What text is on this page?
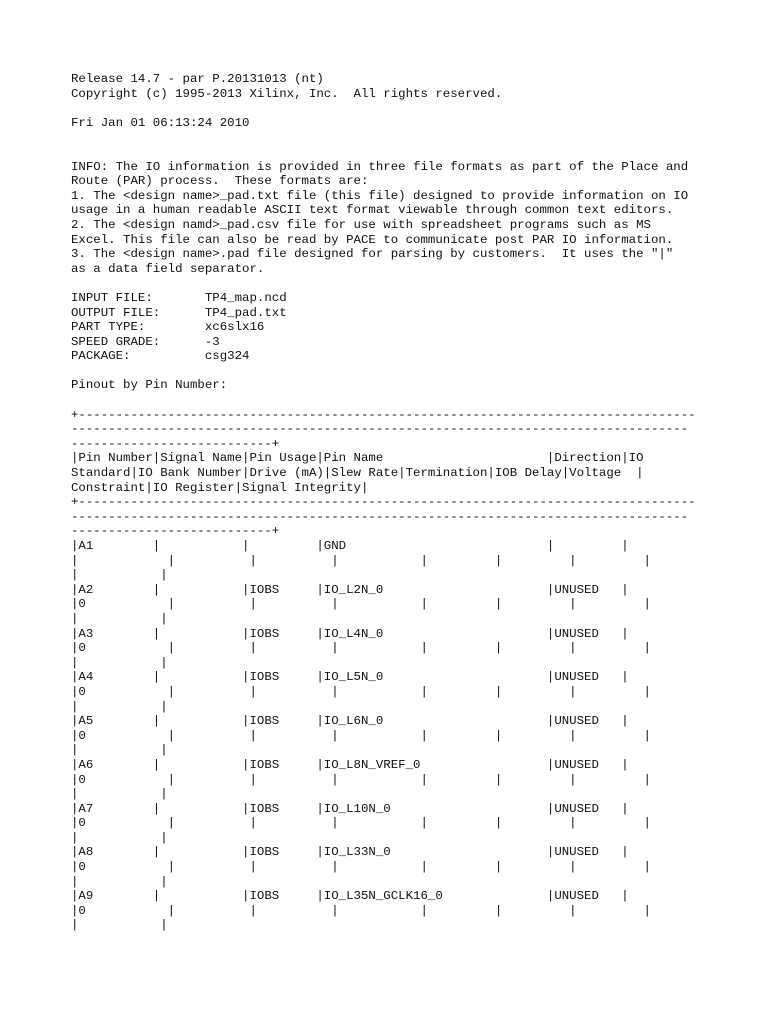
Release 14.7 - par P.20131013 (nt)
Copyright (c) 1995-2013 Xilinx, Inc.  All rights reserved.
Fri Jan 01 06:13:24 2010
INFO: The IO information is provided in three file formats as part of the Place and
Route (PAR) process.  These formats are:
1. The <design name>_pad.txt file (this file) designed to provide information on IO
usage in a human readable ASCII text format viewable through common text editors.
2. The <design namd>_pad.csv file for use with spreadsheet programs such as MS
Excel. This file can also be read by PACE to communicate post PAR IO information.
3. The <design name>.pad file designed for parsing by customers.  It uses the "|"
as a data field separator.
INPUT FILE:       TP4_map.ncd
OUTPUT FILE:      TP4_pad.txt
PART TYPE:        xc6slx16
SPEED GRADE:      -3
PACKAGE:          csg324
Pinout by Pin Number:
+-----------------------------------------------------------------------------------
-----------------------------------------------------------------------------------
---------------------------+
|Pin Number|Signal Name|Pin Usage|Pin Name                      |Direction|IO
Standard|IO Bank Number|Drive (mA)|Slew Rate|Termination|IOB Delay|Voltage  |
Constraint|IO Register|Signal Integrity|
+-----------------------------------------------------------------------------------
-----------------------------------------------------------------------------------
---------------------------+
|A1        |           |         |GND                           |         |
|            |          |          |           |         |         |         |
|           |
|A2        |           |IOBS     |IO_L2N_0                      |UNUSED   |
|0           |          |          |           |         |         |         |
|           |
|A3        |           |IOBS     |IO_L4N_0                      |UNUSED   |
|0           |          |          |           |         |         |         |
|           |
|A4        |           |IOBS     |IO_L5N_0                      |UNUSED   |
|0           |          |          |           |         |         |         |
|           |
|A5        |           |IOBS     |IO_L6N_0                      |UNUSED   |
|0           |          |          |           |         |         |         |
|           |
|A6        |           |IOBS     |IO_L8N_VREF_0                 |UNUSED   |
|0           |          |          |           |         |         |         |
|           |
|A7        |           |IOBS     |IO_L10N_0                     |UNUSED   |
|0           |          |          |           |         |         |         |
|           |
|A8        |           |IOBS     |IO_L33N_0                     |UNUSED   |
|0           |          |          |           |         |         |         |
|           |
|A9        |           |IOBS     |IO_L35N_GCLK16_0              |UNUSED   |
|0           |          |          |           |         |         |         |
|           |
